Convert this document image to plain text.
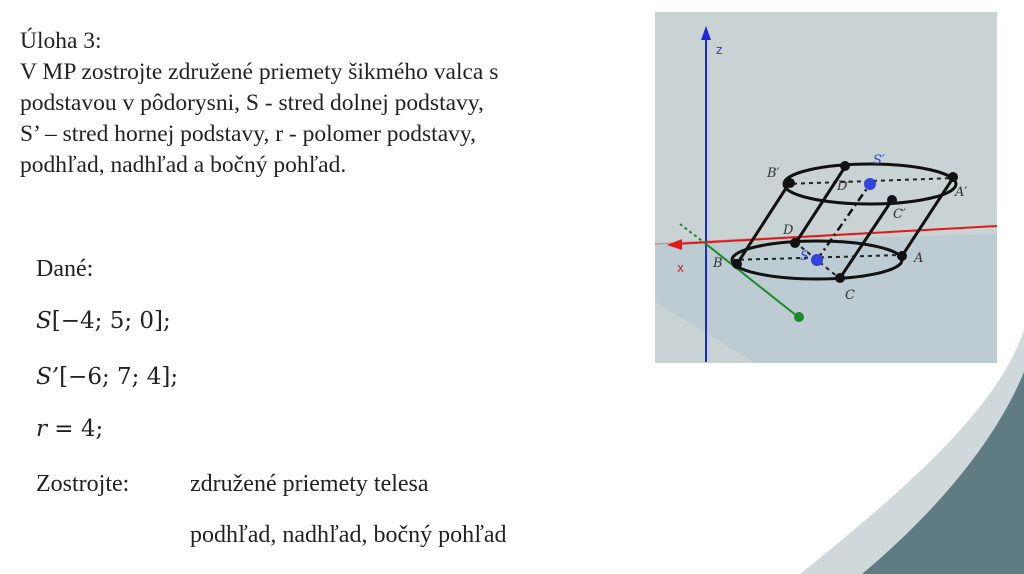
Úloha 3:
V MP zostrojte združené priemety šikmého valca s
podstavou v pôdorysni, S - stred dolnej podstavy,
S’ – stred hornej podstavy, r - polomer podstavy,
podhľad, nadhľad a bočný pohľad.

Dané:
S[−4; 5; 0];
S’[−6; 7; 4];
r = 4;
Zostrojte:	združené priemety telesa
podhľad, nadhľad, bočný pohľad
z
x
B′
S′
D′	A′
C′
D
S
B	A
C
